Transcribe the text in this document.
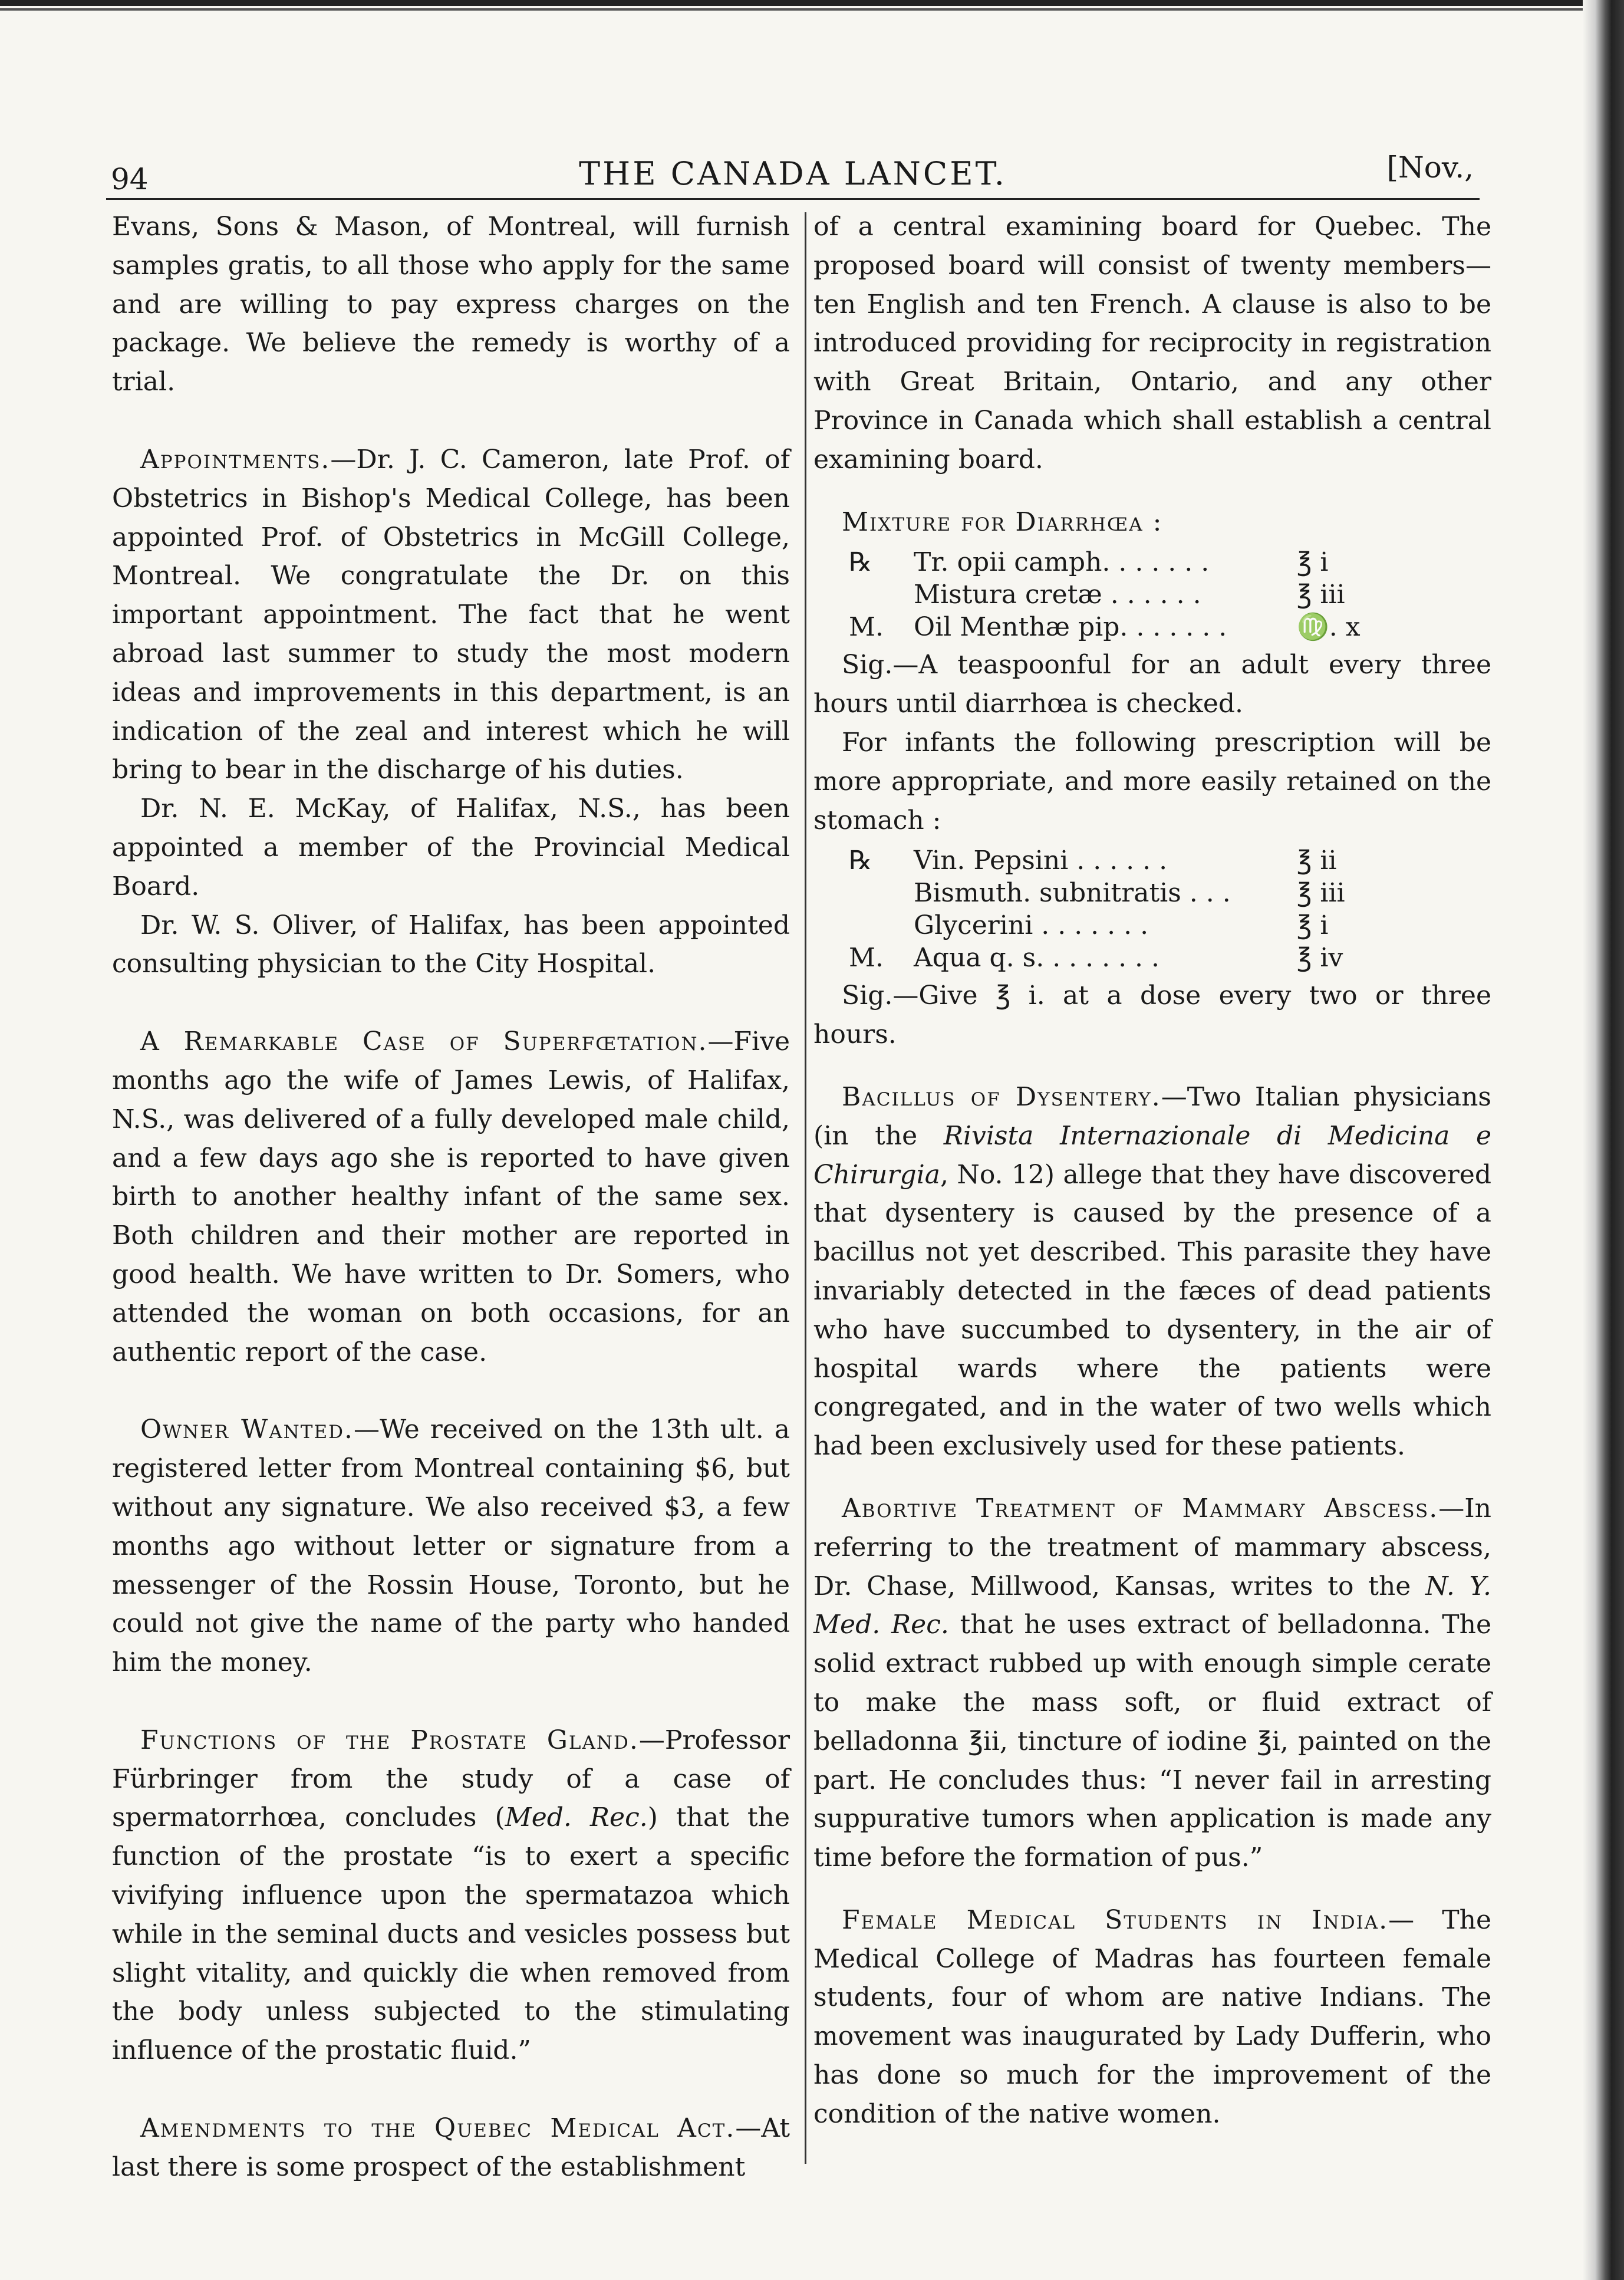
94	THE CANADA LANCET.	[Nov.,

Evans, Sons & Mason, of Montreal, will furnish samples gratis, to all those who apply for the same and are willing to pay express charges on the package. We believe the remedy is worthy of a trial.

Appointments.—Dr. J. C. Cameron, late Prof. of Obstetrics in Bishop's Medical College, has been appointed Prof. of Obstetrics in McGill College, Montreal. We congratulate the Dr. on this important appointment. The fact that he went abroad last summer to study the most modern ideas and improvements in this department, is an indication of the zeal and interest which he will bring to bear in the discharge of his duties.

Dr. N. E. McKay, of Halifax, N.S., has been appointed a member of the Provincial Medical Board.

Dr. W. S. Oliver, of Halifax, has been appointed consulting physician to the City Hospital.

A Remarkable Case of Superfœtation.—Five months ago the wife of James Lewis, of Halifax, N.S., was delivered of a fully developed male child, and a few days ago she is reported to have given birth to another healthy infant of the same sex. Both children and their mother are reported in good health. We have written to Dr. Somers, who attended the woman on both occasions, for an authentic report of the case.

Owner Wanted.—We received on the 13th ult. a registered letter from Montreal containing $6, but without any signature. We also received $3, a few months ago without letter or signature from a messenger of the Rossin House, Toronto, but he could not give the name of the party who handed him the money.

Functions of the Prostate Gland.—Professor Fürbringer from the study of a case of spermatorrhœa, concludes (Med. Rec.) that the function of the prostate “is to exert a specific vivifying influence upon the spermatazoa which while in the seminal ducts and vesicles possess but slight vitality, and quickly die when removed from the body unless subjected to the stimulating influence of the prostatic fluid.”

Amendments to the Quebec Medical Act.—At last there is some prospect of the establishment

of a central examining board for Quebec. The proposed board will consist of twenty members—ten English and ten French. A clause is also to be introduced providing for reciprocity in registration with Great Britain, Ontario, and any other Province in Canada which shall establish a central examining board.

Mixture for Diarrhœa :

℞	Tr. opii camph. . . . . . .	℥ i
Mistura cretæ . . . . . .	℥ iii
M.	Oil Menthæ pip. . . . . . .	♍. x

Sig.—A teaspoonful for an adult every three hours until diarrhœa is checked.

For infants the following prescription will be more appropriate, and more easily retained on the stomach :

℞	Vin. Pepsini . . . . . .	℥ ii
Bismuth. subnitratis . . .	℥ iii
Glycerini . . . . . . .	℥ i
M.	Aqua q. s. . . . . . . .	℥ iv

Sig.—Give ℥ i. at a dose every two or three hours.

Bacillus of Dysentery.—Two Italian physicians (in the Rivista Internazionale di Medicina e Chirurgia, No. 12) allege that they have discovered that dysentery is caused by the presence of a bacillus not yet described. This parasite they have invariably detected in the fæces of dead patients who have succumbed to dysentery, in the air of hospital wards where the patients were congregated, and in the water of two wells which had been exclusively used for these patients.

Abortive Treatment of Mammary Abscess.—In referring to the treatment of mammary abscess, Dr. Chase, Millwood, Kansas, writes to the N. Y. Med. Rec. that he uses extract of belladonna. The solid extract rubbed up with enough simple cerate to make the mass soft, or fluid extract of belladonna ℥ii, tincture of iodine ℥i, painted on the part. He concludes thus: “I never fail in arresting suppurative tumors when application is made any time before the formation of pus.”

Female Medical Students in India.— The Medical College of Madras has fourteen female students, four of whom are native Indians. The movement was inaugurated by Lady Dufferin, who has done so much for the improvement of the condition of the native women.
